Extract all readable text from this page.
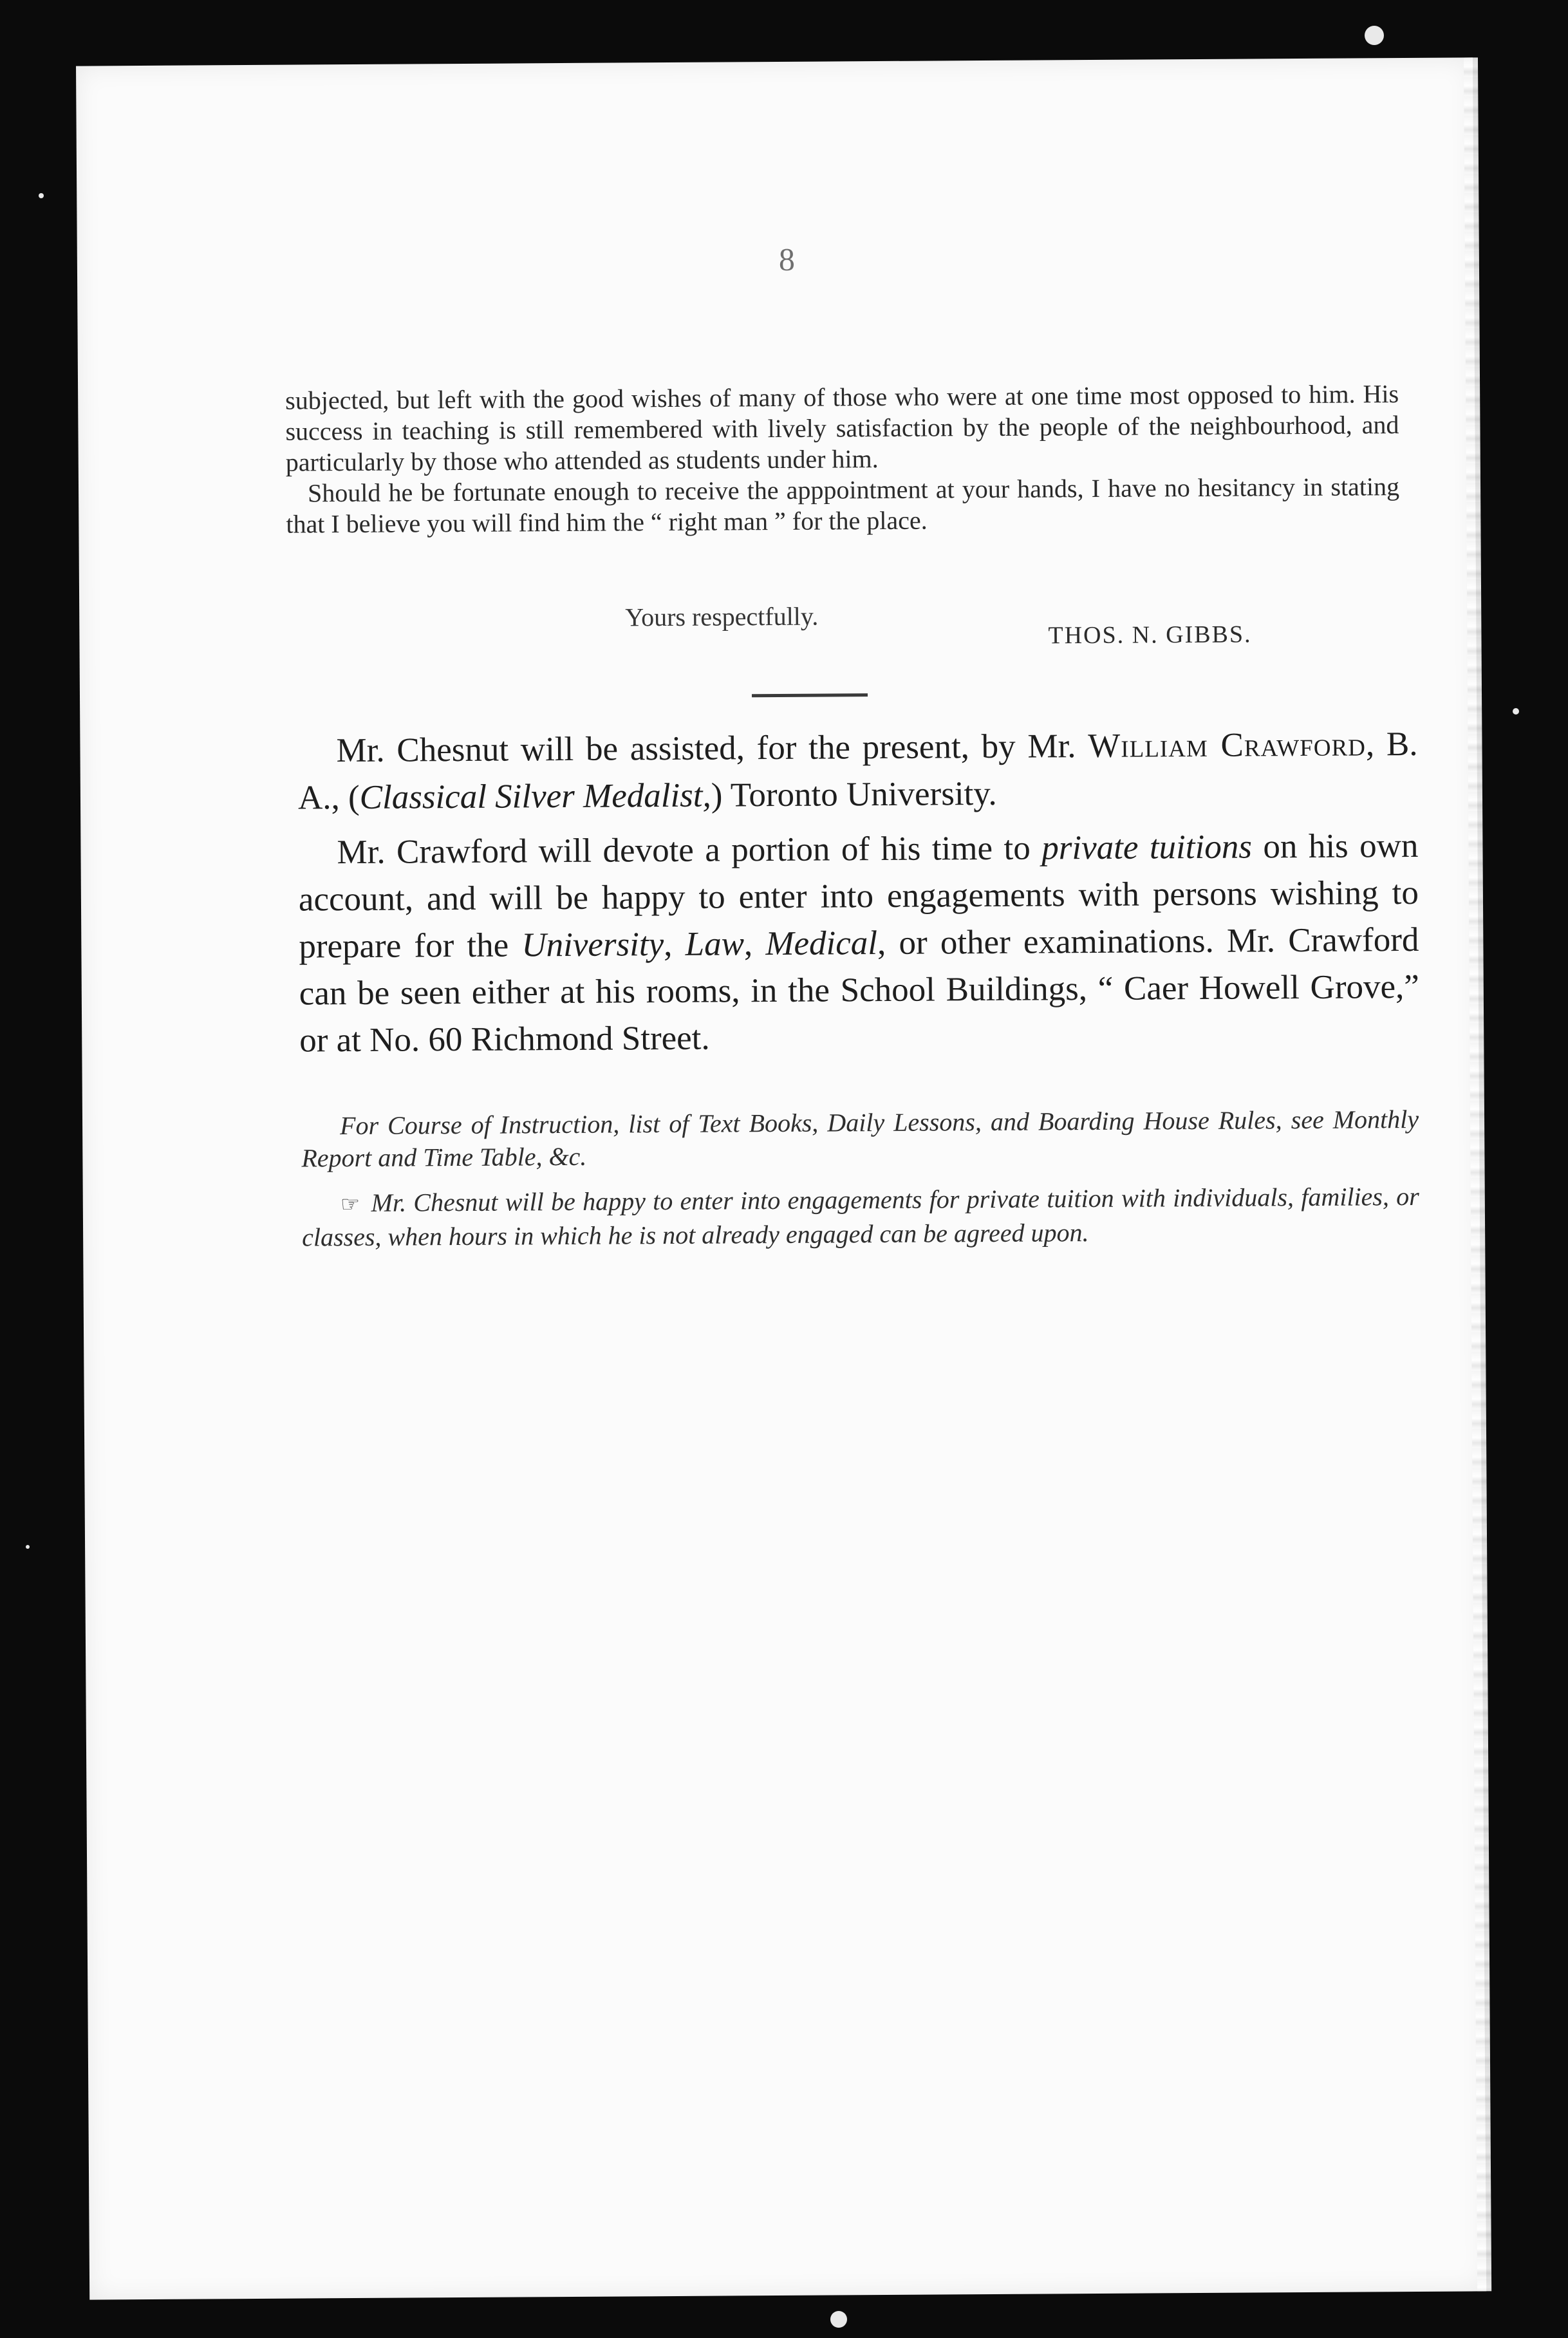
8

subjected, but left with the good wishes of many of those who were at one time most opposed to him. His success in teaching is still remembered with lively satisfaction by the people of the neighbourhood, and particularly by those who attended as students under him.

Should he be fortunate enough to receive the apppointment at your hands, I have no hesitancy in stating that I believe you will find him the “ right man ” for the place.

Yours respectfully.
THOS. N. GIBBS.

Mr. Chesnut will be assisted, for the present, by Mr. William Crawford, B. A., (Classical Silver Medalist,) Toronto University.

Mr. Crawford will devote a portion of his time to private tuitions on his own account, and will be happy to enter into engagements with persons wishing to prepare for the University, Law, Medical, or other examinations. Mr. Crawford can be seen either at his rooms, in the School Buildings, “ Caer Howell Grove,” or at No. 60 Richmond Street.

For Course of Instruction, list of Text Books, Daily Lessons, and Boarding House Rules, see Monthly Report and Time Table, &c.

☞ Mr. Chesnut will be happy to enter into engagements for private tuition with individuals, families, or classes, when hours in which he is not already engaged can be agreed upon.
